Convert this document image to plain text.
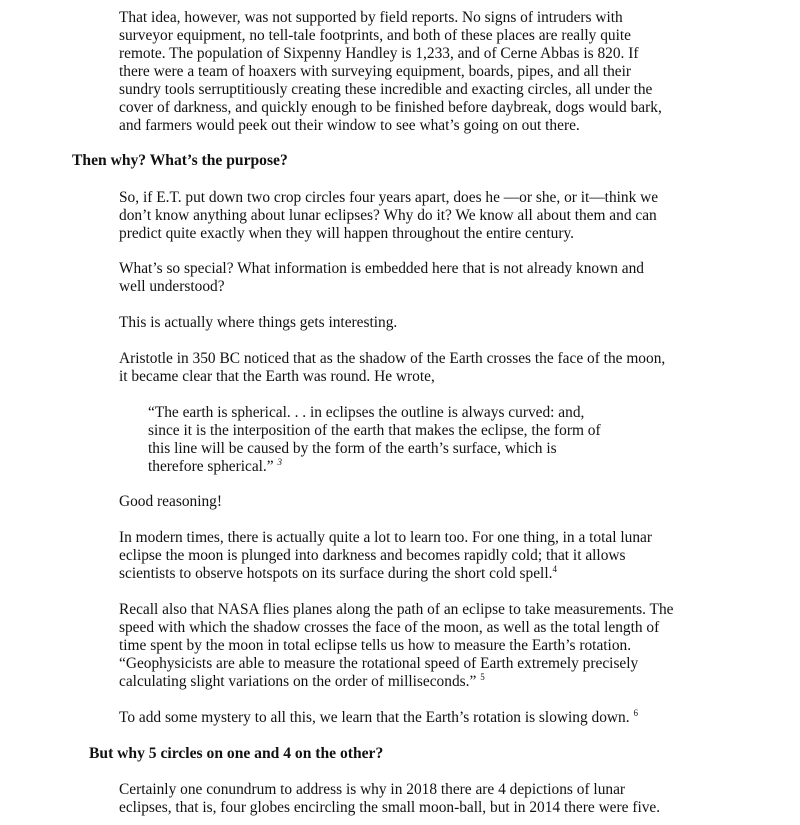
That idea, however, was not supported by field reports. No signs of intruders with
surveyor equipment, no tell-tale footprints, and both of these places are really quite
remote. The population of Sixpenny Handley is 1,233, and of Cerne Abbas is 820. If
there were a team of hoaxers with surveying equipment, boards, pipes, and all their
sundry tools serruptitiously creating these incredible and exacting circles, all under the
cover of darkness, and quickly enough to be finished before daybreak, dogs would bark,
and farmers would peek out their window to see what’s going on out there.
Then why? What’s the purpose?
So, if E.T. put down two crop circles four years apart, does he —or she, or it—think we
don’t know anything about lunar eclipses? Why do it? We know all about them and can
predict quite exactly when they will happen throughout the entire century.
What’s so special? What information is embedded here that is not already known and
well understood?
This is actually where things gets interesting.
Aristotle in 350 BC noticed that as the shadow of the Earth crosses the face of the moon,
it became clear that the Earth was round. He wrote,
“The earth is spherical. . . in eclipses the outline is always curved: and,
since it is the interposition of the earth that makes the eclipse, the form of
this line will be caused by the form of the earth’s surface, which is
therefore spherical.” $^3$
Good reasoning!
In modern times, there is actually quite a lot to learn too. For one thing, in a total lunar
eclipse the moon is plunged into darkness and becomes rapidly cold; that it allows
scientists to observe hotspots on its surface during the short cold spell.$^4$
Recall also that NASA flies planes along the path of an eclipse to take measurements. The
speed with which the shadow crosses the face of the moon, as well as the total length of
time spent by the moon in total eclipse tells us how to measure the Earth’s rotation.
“Geophysicists are able to measure the rotational speed of Earth extremely precisely
calculating slight variations on the order of milliseconds.” $^5$
To add some mystery to all this, we learn that the Earth’s rotation is slowing down. $^6$
But why 5 circles on one and 4 on the other?
Certainly one conundrum to address is why in 2018 there are 4 depictions of lunar
eclipses, that is, four globes encircling the small moon-ball, but in 2014 there were five.
